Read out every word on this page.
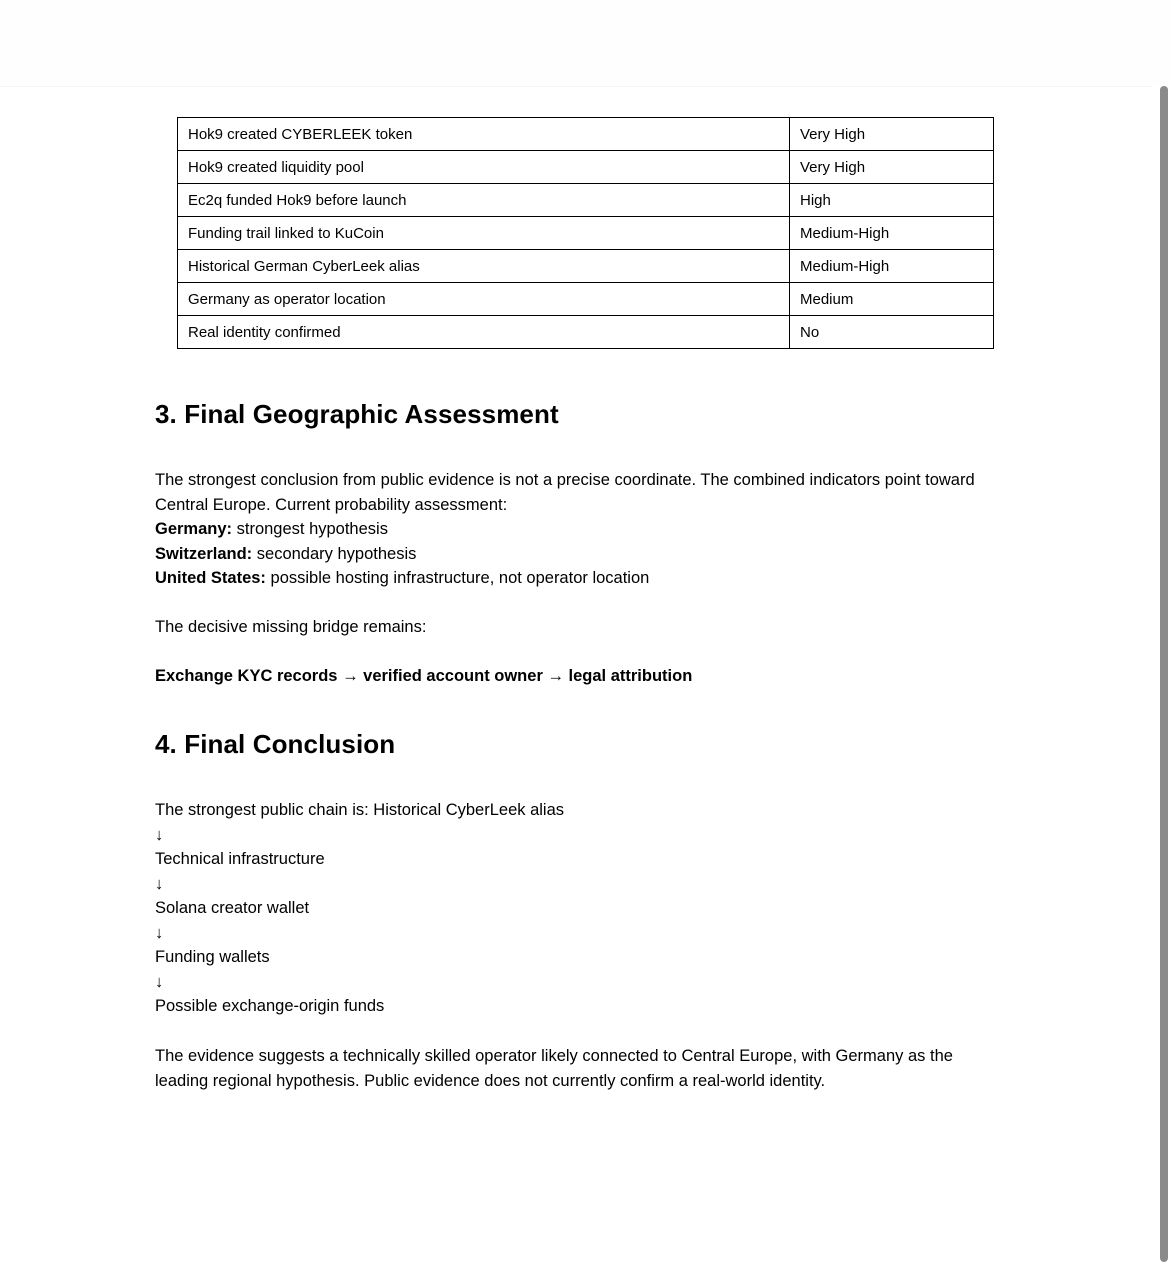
Hok9 created CYBERLEEK token	Very High
Hok9 created liquidity pool	Very High
Ec2q funded Hok9 before launch	High
Funding trail linked to KuCoin	Medium-High
Historical German CyberLeek alias	Medium-High
Germany as operator location	Medium
Real identity confirmed	No
3. Final Geographic Assessment

The strongest conclusion from public evidence is not a precise coordinate. The combined indicators point toward

Central Europe. Current probability assessment:

Germany: strongest hypothesis

Switzerland: secondary hypothesis

United States: possible hosting infrastructure, not operator location

The decisive missing bridge remains:
Exchange KYC records → verified account owner → legal attribution
4. Final Conclusion

The strongest public chain is: Historical CyberLeek alias

↓

Technical infrastructure

↓

Solana creator wallet

↓

Funding wallets

↓

Possible exchange-origin funds

The evidence suggests a technically skilled operator likely connected to Central Europe, with Germany as the

leading regional hypothesis. Public evidence does not currently confirm a real-world identity.
